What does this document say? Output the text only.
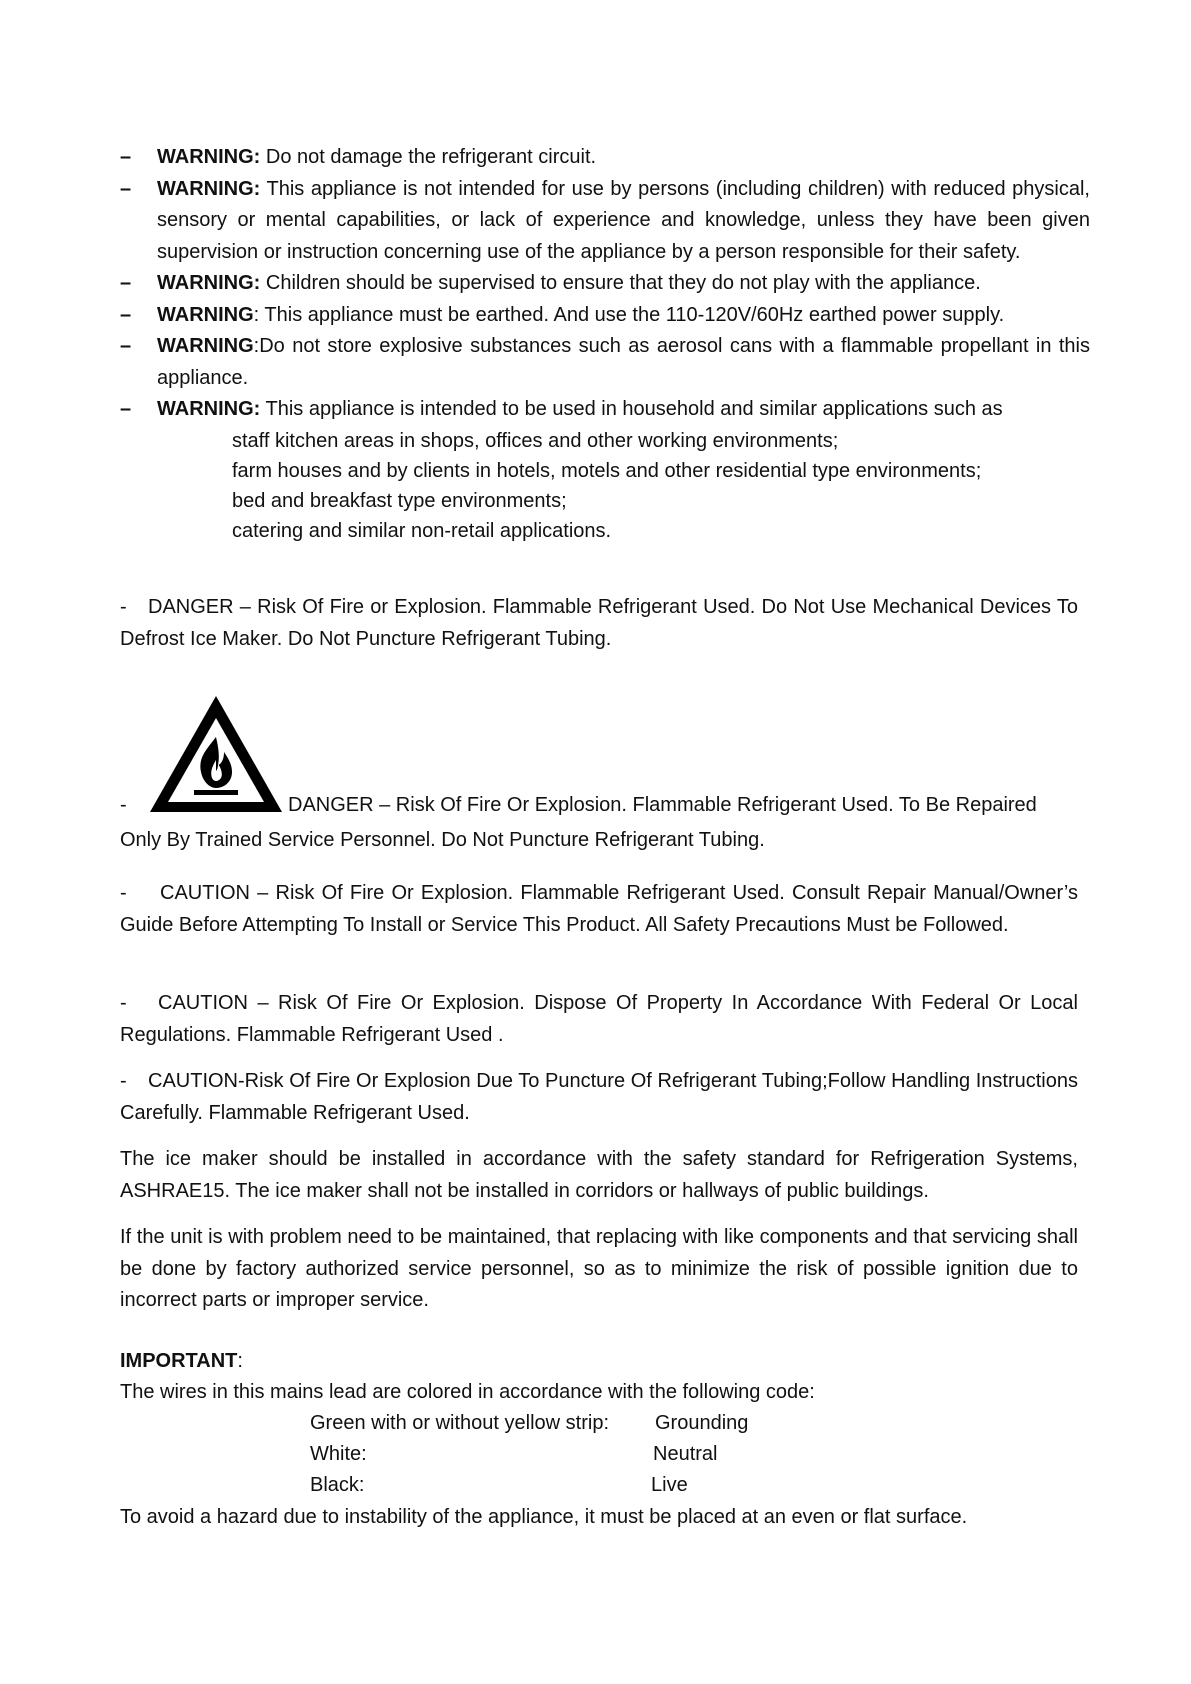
–	WARNING: Do not damage the refrigerant circuit.
–	WARNING: This appliance is not intended for use by persons (including children) with reduced physical, sensory or mental capabilities, or lack of experience and knowledge, unless they have been given supervision or instruction concerning use of the appliance by a person responsible for their safety.
–	WARNING: Children should be supervised to ensure that they do not play with the appliance.
–	WARNING: This appliance must be earthed. And use the 110-120V/60Hz earthed power supply.
–	WARNING:Do not store explosive substances such as aerosol cans with a flammable propellant in this appliance.
–	WARNING: This appliance is intended to be used in household and similar applications such as
staff kitchen areas in shops, offices and other working environments;
farm houses and by clients in hotels, motels and other residential type environments;
bed and breakfast type environments;
catering and similar non-retail applications.
- DANGER – Risk Of Fire or Explosion. Flammable Refrigerant Used. Do Not Use Mechanical Devices To Defrost Ice Maker. Do Not Puncture Refrigerant Tubing.
-	DANGER – Risk Of Fire Or Explosion. Flammable Refrigerant Used. To Be Repaired
Only By Trained Service Personnel. Do Not Puncture Refrigerant Tubing.
- CAUTION – Risk Of Fire Or Explosion. Flammable Refrigerant Used. Consult Repair Manual/Owner’s Guide Before Attempting To Install or Service This Product. All Safety Precautions Must be Followed.
- CAUTION – Risk Of Fire Or Explosion. Dispose Of Property In Accordance With Federal Or Local Regulations. Flammable Refrigerant Used .
- CAUTION-Risk Of Fire Or Explosion Due To Puncture Of Refrigerant Tubing;Follow Handling Instructions Carefully. Flammable Refrigerant Used.
The ice maker should be installed in accordance with the safety standard for Refrigeration Systems, ASHRAE15. The ice maker shall not be installed in corridors or hallways of public buildings.
If the unit is with problem need to be maintained, that replacing with like components and that servicing shall be done by factory authorized service personnel, so as to minimize the risk of possible ignition due to incorrect parts or improper service.
IMPORTANT:
The wires in this mains lead are colored in accordance with the following code:
Green with or without yellow strip:	Grounding
White:	Neutral
Black:	Live
To avoid a hazard due to instability of the appliance, it must be placed at an even or flat surface.
